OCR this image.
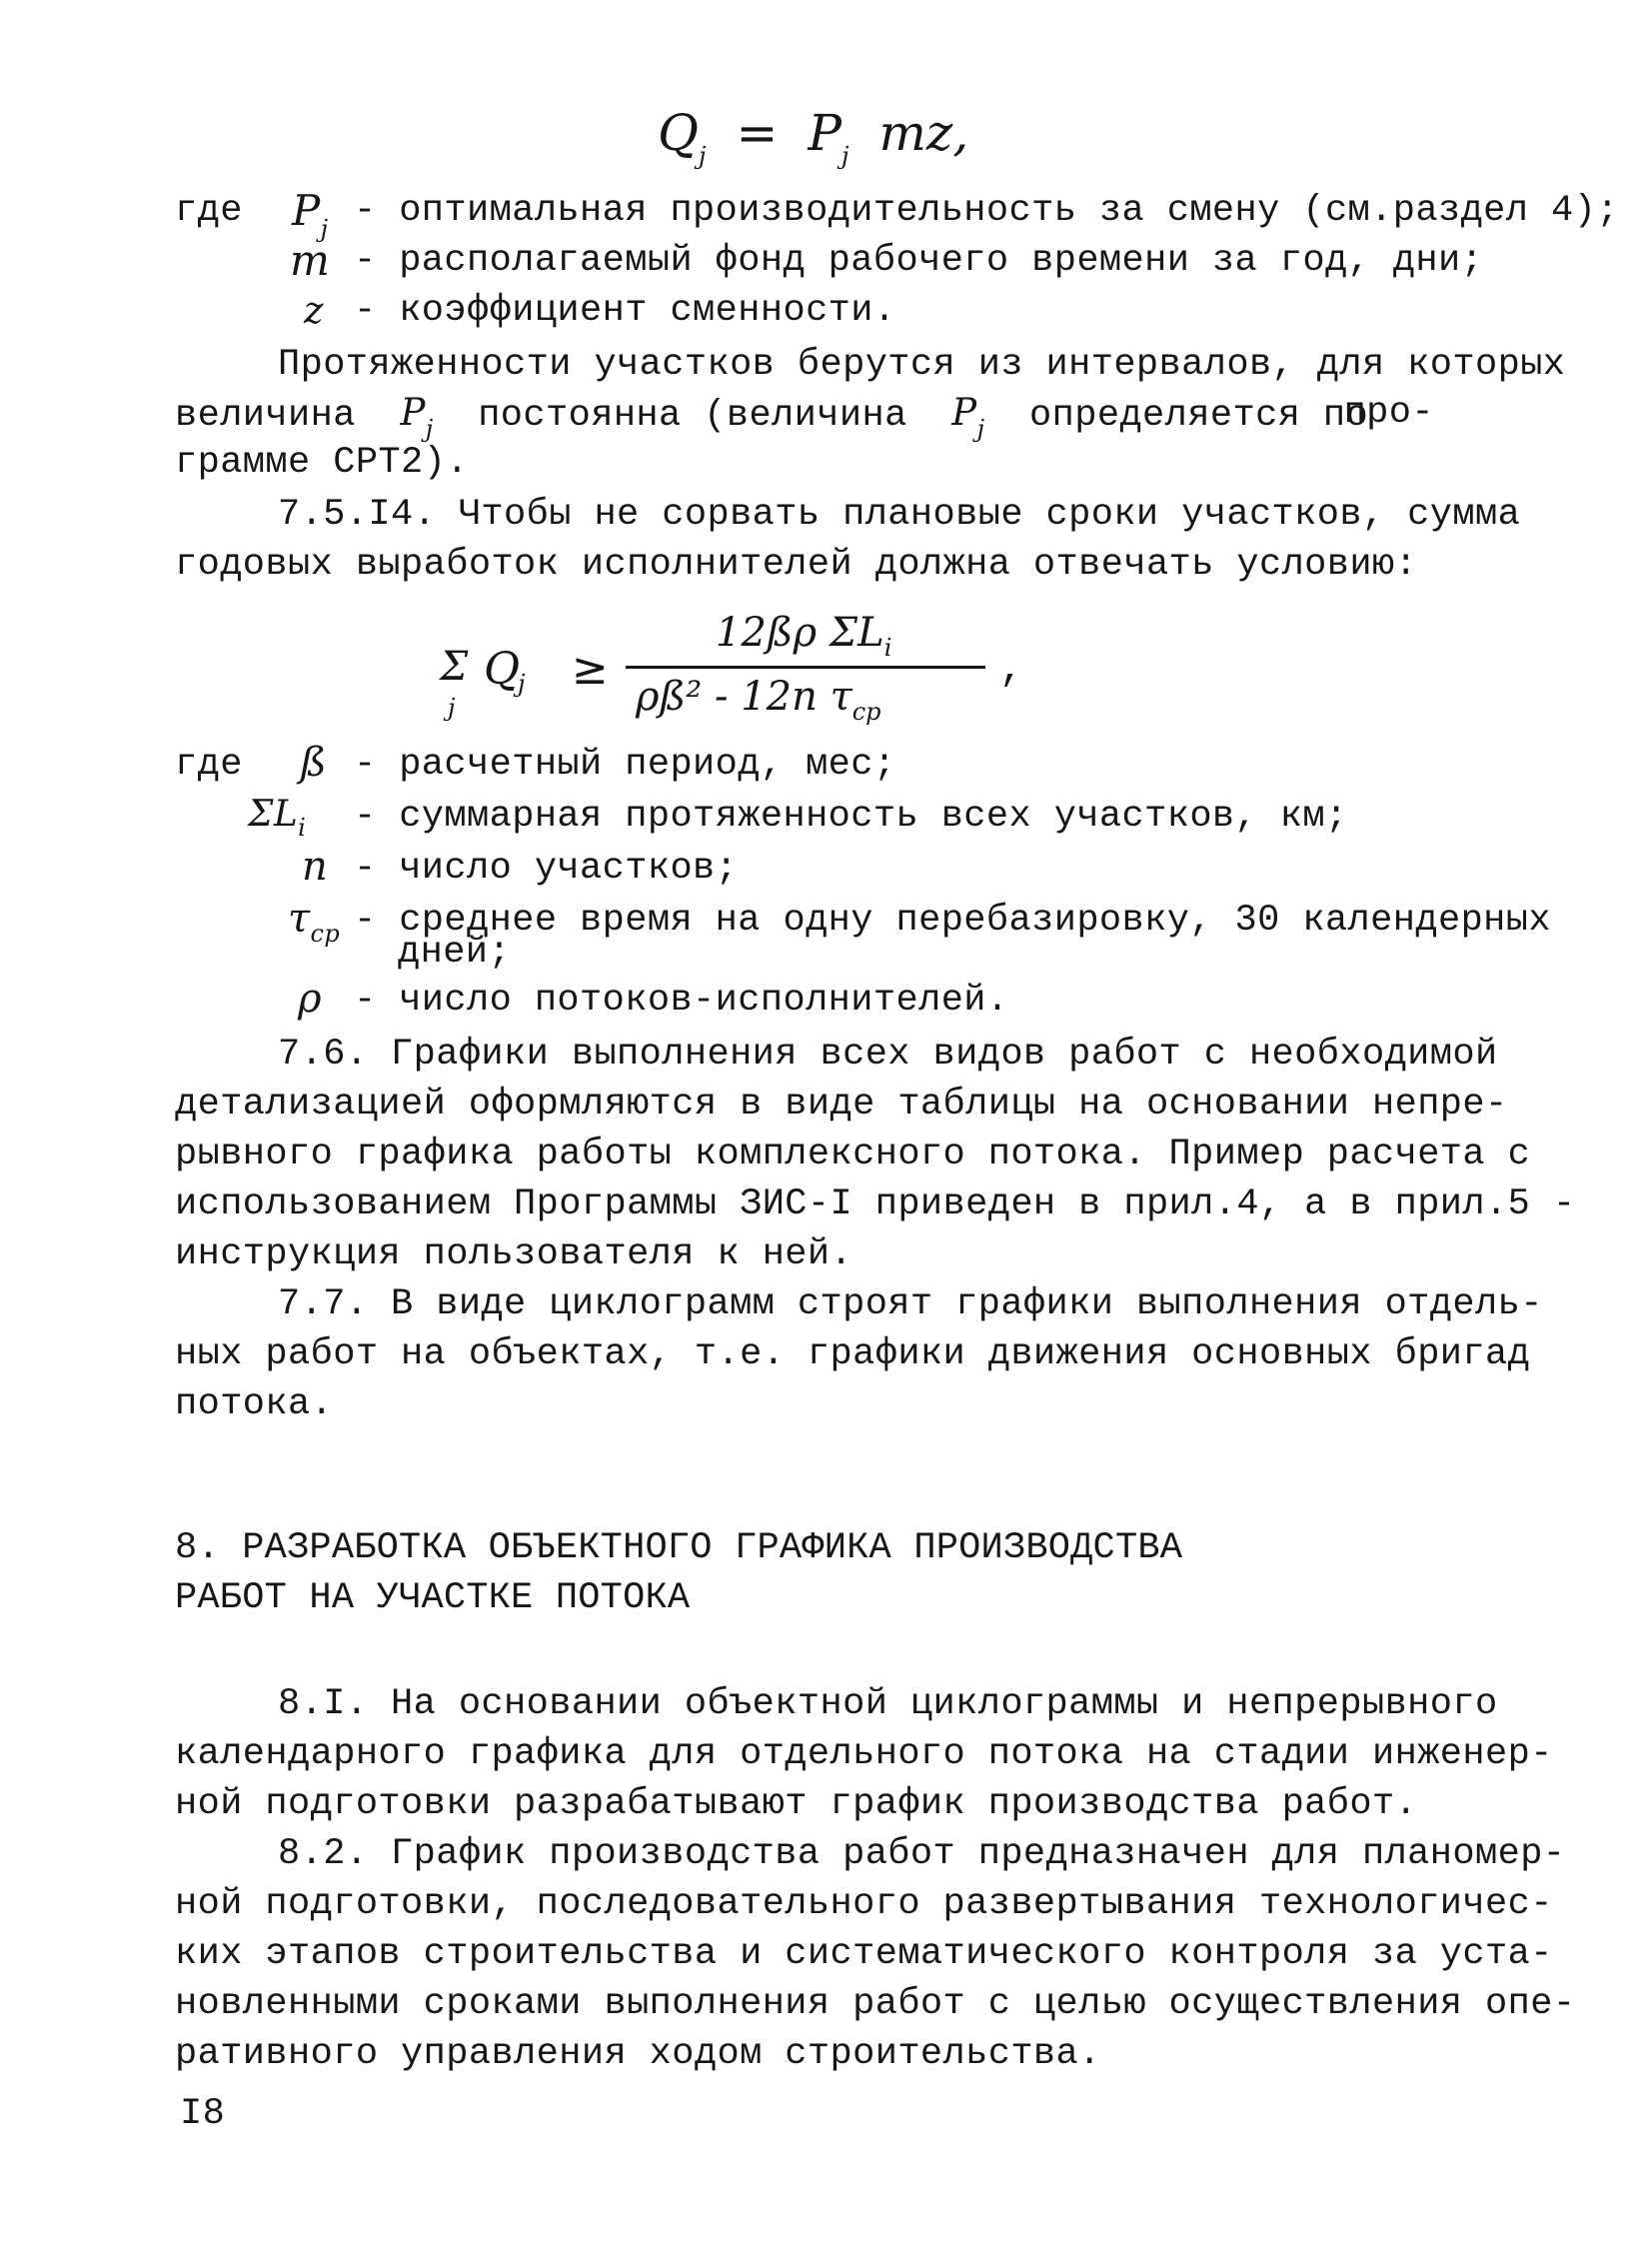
$Q_j = P_j$ mz,
где $P_j$ - оптимальная производительность за смену (см.раздел 4);
m - располагаемый фонд рабочего времени за год, дни;
z - коэффициент сменности.
Протяженности участков берутся из интервалов, для которых
величина $P_j$ постоянна (величина $P_j$ определяется по
про-
грамме СРТ2).
7.5.I4. Чтобы не сорвать плановые сроки участков, сумма
годовых выработок исполнителей должна отвечать условию:
Σ
j
Q
j ≥
12ßρ $\Sigma L_i$
ρß² - 12n $\tau_{ср}$
,
где ß - расчетный период, мес;
$\Sigma L_i$ - суммарная протяженность всех участков, км;
n - число участков;
$\tau_{ср}$ - среднее время на одну перебазировку, 30 календерных
дней;
ρ - число потоков-исполнителей.
7.6. Графики выполнения всех видов работ с необходимой
детализацией оформляются в виде таблицы на основании непре-
рывного графика работы комплексного потока. Пример расчета с
использованием Программы ЗИС-I приведен в прил.4, а в прил.5 -
инструкция пользователя к ней.
7.7. В виде циклограмм строят графики выполнения отдель-
ных работ на объектах, т.е. графики движения основных бригад
потока.
8. РАЗРАБОТКА ОБЪЕКТНОГО ГРАФИКА ПРОИЗВОДСТВА
РАБОТ НА УЧАСТКЕ ПОТОКА
8.I. На основании объектной циклограммы и непрерывного
календарного графика для отдельного потока на стадии инженер-
ной подготовки разрабатывают график производства работ.
8.2. График производства работ предназначен для планомер-
ной подготовки, последовательного развертывания технологичес-
ких этапов строительства и систематического контроля за уста-
новленными сроками выполнения работ с целью осуществления опе-
ративного управления ходом строительства.
I8
